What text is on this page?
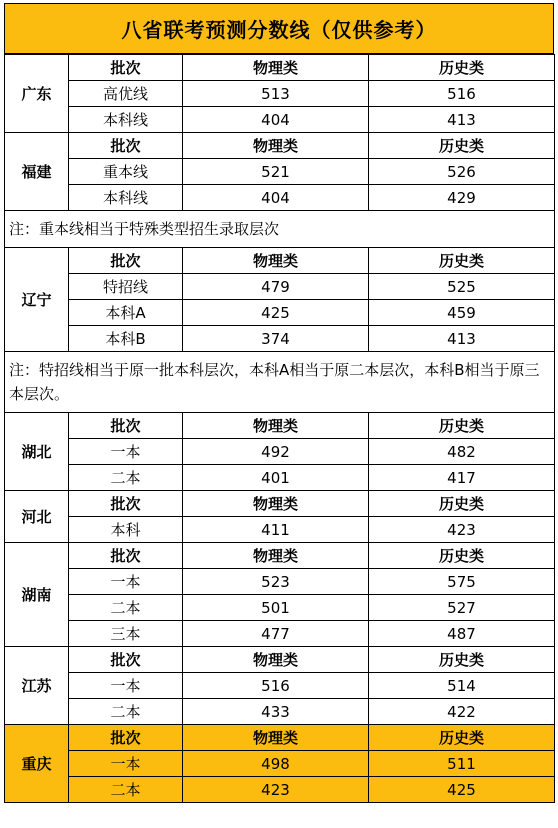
八省联考预测分数线（仅供参考）
广东	批次	物理类	历史类
	高优线	513	516
	本科线	404	413
福建	批次	物理类	历史类
	重本线	521	526
	本科线	404	429
注：重本线相当于特殊类型招生录取层次			
辽宁	批次	物理类	历史类
	特招线	479	525
	本科A	425	459
	本科B	374	413
注：特招线相当于原一批本科层次，本科A相当于原二本层次，本科B相当于原三本层次。			
湖北	批次	物理类	历史类
	一本	492	482
	二本	401	417
河北	批次	物理类	历史类
	本科	411	423
湖南	批次	物理类	历史类
	一本	523	575
	二本	501	527
	三本	477	487
江苏	批次	物理类	历史类
	一本	516	514
	二本	433	422
重庆	批次	物理类	历史类
	一本	498	511
	二本	423	425
